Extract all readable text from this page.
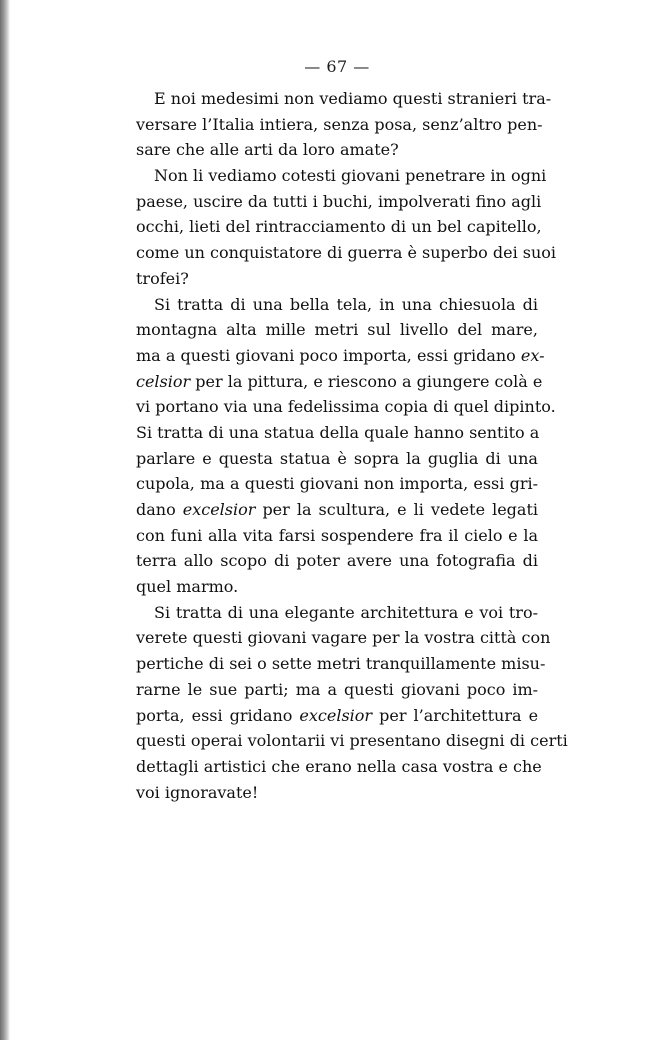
— 67 —
E noi medesimi non vediamo questi stranieri tra-
versare l’Italia intiera, senza posa, senz’altro pen-
sare che alle arti da loro amate?
Non li vediamo cotesti giovani penetrare in ogni
paese, uscire da tutti i buchi, impolverati fino agli
occhi, lieti del rintracciamento di un bel capitello,
come un conquistatore di guerra è superbo dei suoi
trofei?
Si tratta di una bella tela, in una chiesuola di
montagna alta mille metri sul livello del mare,
ma a questi giovani poco importa, essi gridano ex-
celsior per la pittura, e riescono a giungere colà e
vi portano via una fedelissima copia di quel dipinto.
Si tratta di una statua della quale hanno sentito a
parlare e questa statua è sopra la guglia di una
cupola, ma a questi giovani non importa, essi gri-
dano excelsior per la scultura, e li vedete legati
con funi alla vita farsi sospendere fra il cielo e la
terra allo scopo di poter avere una fotografia di
quel marmo.
Si tratta di una elegante architettura e voi tro-
verete questi giovani vagare per la vostra città con
pertiche di sei o sette metri tranquillamente misu-
rarne le sue parti; ma a questi giovani poco im-
porta, essi gridano excelsior per l’architettura e
questi operai volontarii vi presentano disegni di certi
dettagli artistici che erano nella casa vostra e che
voi ignoravate!
